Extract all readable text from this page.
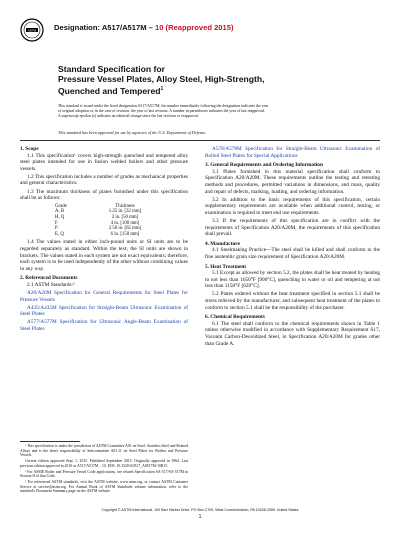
ASTM Designation: A517/A517M – 10 (Reapproved 2015)
Standard Specification for
Pressure Vessel Plates, Alloy Steel, High-Strength,
Quenched and Tempered$^1$
This standard is issued under the fixed designation A517/A517M; the number immediately following the designation indicates the year
of original adoption or, in the case of revision, the year of last revision. A number in parentheses indicates the year of last reapproval.
A superscript epsilon (ε) indicates an editorial change since the last revision or reapproval.
This standard has been approved for use by agencies of the U.S. Department of Defense.
1. Scope

1.1 This specification¹ covers high-strength quenched and tempered alloy steel plates intended for use in fusion welded boilers and other pressure vessels.

1.2 This specification includes a number of grades as mechanical properties and general characteristics.

1.3 The maximum thickness of plates furnished under this specification shall be as follows:

Grade	Thickness
A, B	1.25 in. [32 mm]
H, Q	2 in. [50 mm]
F	4 in. [100 mm]
P	2.50 in. [65 mm]
E, Q	6 in. [150 mm]

1.4 The values stated in either inch-pound units or SI units are to be regarded separately as standard. Within the text, the SI units are shown in brackets. The values stated in each system are not exact equivalents; therefore, each system is to be used independently of the other without combining values in any way.

2. Referenced Documents

2.1 ASTM Standards:²

A20/A20M Specification for General Requirements for Steel Plates for Pressure Vessels

A435/A435M Specification for Straight-Beam Ultrasonic Examination of Steel Plates

A577/A577M Specification for Ultrasonic Angle-Beam Examination of Steel Plates

¹ This specification is under the jurisdiction of ASTM Committee A01 on Steel, Stainless Steel and Related Alloys and is the direct responsibility of Subcommittee A01.11 on Steel Plates for Boilers and Pressure Vessels.

Current edition approved Sept. 1, 2015. Published September 2015. Originally approved in 1964. Last previous edition approved in 2010 as A517/A517M – 10. DOI: 10.1520/A0517_A0517M-10R15.

² For ASME Boiler and Pressure Vessel Code applications, see related Specification SA-517/SA-517M in Section II of that Code.

³ For referenced ASTM standards, visit the ASTM website, www.astm.org, or contact ASTM Customer Service at service@astm.org. For Annual Book of ASTM Standards volume information, refer to the standard's Document Summary page on the ASTM website.

A578/A578M Specification for Straight-Beam Ultrasonic Examination of Rolled Steel Plates for Special Applications

3. General Requirements and Ordering Information

3.1 Plates furnished to this material specification shall conform to Specification A20/A20M. These requirements outline the testing and retesting methods and procedures, permitted variations in dimensions, and mass, quality and repair of defects, marking, loading, and ordering information.

3.2 In addition to the basic requirements of this specification, certain supplementary requirements are available when additional control, testing, or examination is required to meet end use requirements.

3.3 If the requirements of this specification are in conflict with the requirements of Specification A20/A20M, the requirements of this specification shall prevail.

4. Manufacture

4.1 Steelmaking Practice—The steel shall be killed and shall conform to the fine austenitic grain size requirement of Specification A20/A20M.

5. Heat Treatment

5.1 Except as allowed by section 5.2, the plates shall be heat treated by heating to not less than 1650°F [900°C], quenching in water or oil and tempering at not less than 1150°F [620°C].

5.2 Plates ordered without the heat treatment specified in section 5.1 shall be stress relieved by the manufacturer, and subsequent heat treatment of the plates to conform to section 5.1 shall be the responsibility of the purchaser.

6. Chemical Requirements

6.1 The steel shall conform to the chemical requirements shown in Table 1 unless otherwise modified in accordance with Supplementary Requirement S17, Vacuum Carbon-Deoxidized Steel, in Specification A20/A20M for grades other than Grade A.

Copyright © ASTM International, 100 Barr Harbor Drive, PO Box C700, West Conshohocken, PA 19428-2959. United States
1
